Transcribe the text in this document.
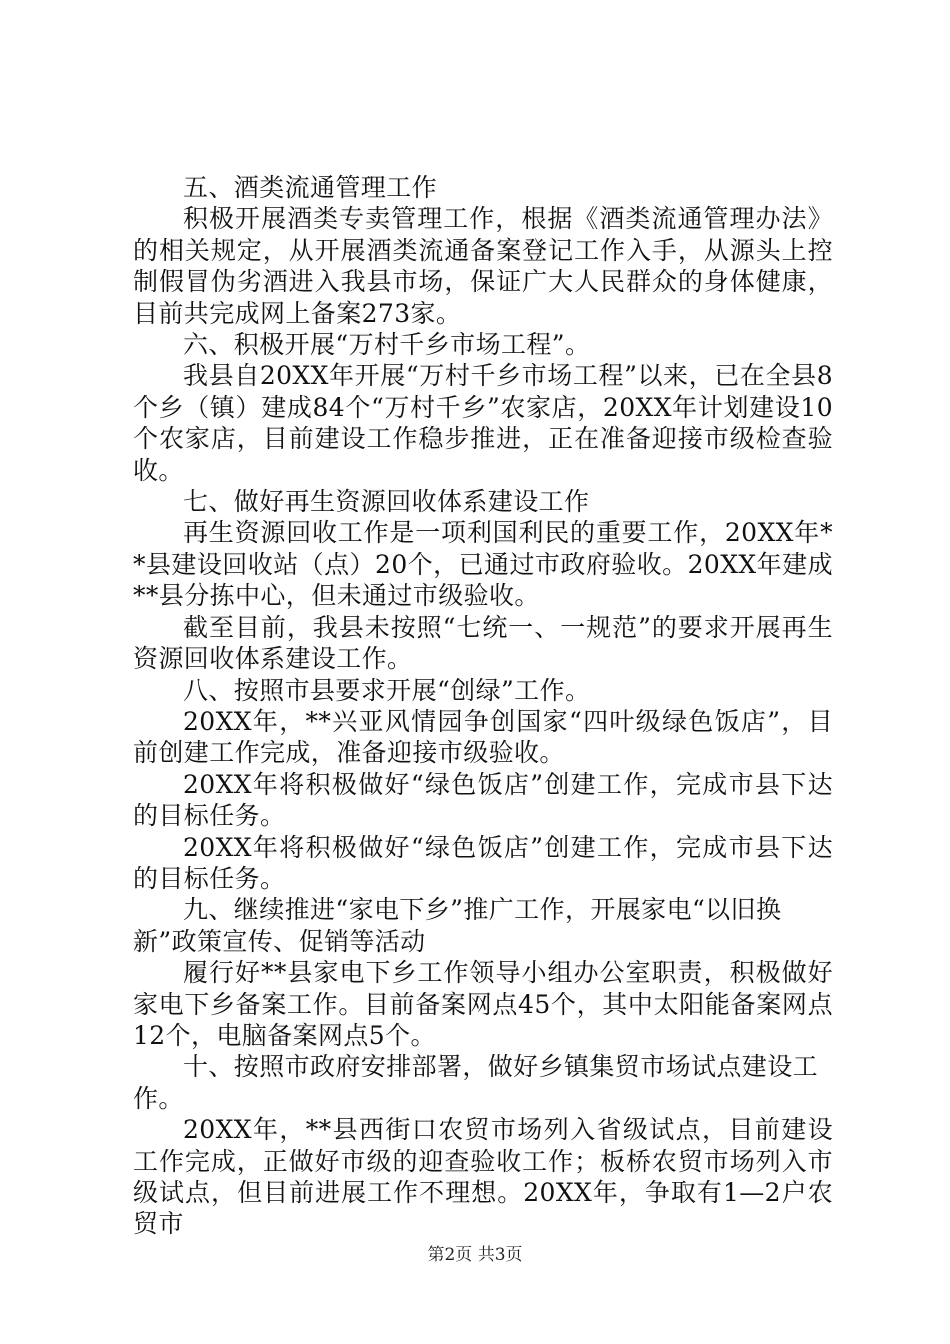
五、酒类流通管理工作

积极开展酒类专卖管理工作，根据《酒类流通管理办法》的相关规定，从开展酒类流通备案登记工作入手，从源头上控制假冒伪劣酒进入我县市场，保证广大人民群众的身体健康，目前共完成网上备案273家。

六、积极开展“万村千乡市场工程”。

我县自20XX年开展“万村千乡市场工程”以来，已在全县8个乡（镇）建成84个“万村千乡”农家店，20XX年计划建设10个农家店，目前建设工作稳步推进，正在准备迎接市级检查验收。

七、做好再生资源回收体系建设工作

再生资源回收工作是一项利国利民的重要工作，20XX年**县建设回收站（点）20个，已通过市政府验收。20XX年建成**县分拣中心，但未通过市级验收。

截至目前，我县未按照“七统一、一规范”的要求开展再生资源回收体系建设工作。

八、按照市县要求开展“创绿”工作。

20XX年，**兴亚风情园争创国家“四叶级绿色饭店”，目前创建工作完成，准备迎接市级验收。

20XX年将积极做好“绿色饭店”创建工作，完成市县下达的目标任务。

20XX年将积极做好“绿色饭店”创建工作，完成市县下达的目标任务。

九、继续推进“家电下乡”推广工作，开展家电“以旧换新”政策宣传、促销等活动

履行好**县家电下乡工作领导小组办公室职责，积极做好家电下乡备案工作。目前备案网点45个，其中太阳能备案网点12个，电脑备案网点5个。

十、按照市政府安排部署，做好乡镇集贸市场试点建设工作。

20XX年，**县西街口农贸市场列入省级试点，目前建设工作完成，正做好市级的迎查验收工作；板桥农贸市场列入市级试点，但目前进展工作不理想。20XX年，争取有1—2户农贸市

第2页 共3页
